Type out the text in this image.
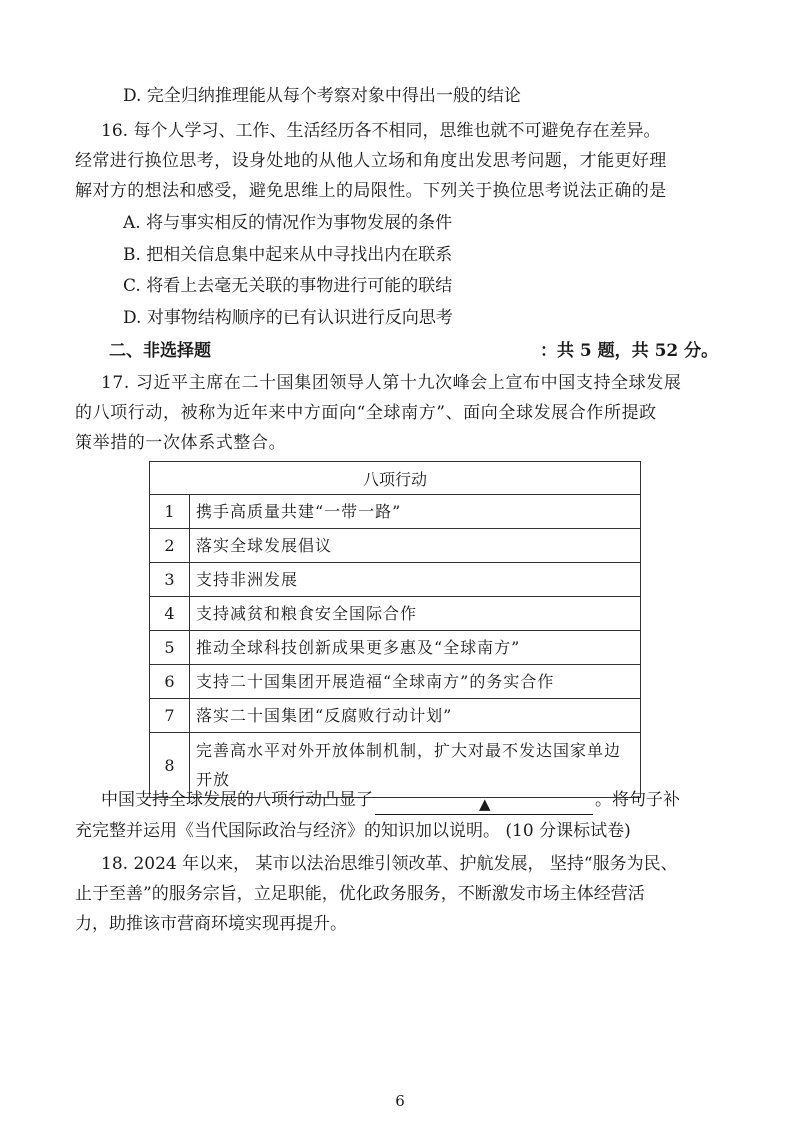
D. 完全归纳推理能从每个考察对象中得出一般的结论
16. 每个人学习、工作、生活经历各不相同，思维也就不可避免存在差异。
经常进行换位思考，设身处地的从他人立场和角度出发思考问题，才能更好理
解对方的想法和感受，避免思维上的局限性。下列关于换位思考说法正确的是
A. 将与事实相反的情况作为事物发展的条件
B. 把相关信息集中起来从中寻找出内在联系
C. 将看上去毫无关联的事物进行可能的联结
D. 对事物结构顺序的已有认识进行反向思考
二、非选择题	：共 5 题，共 52 分。
17. 习近平主席在二十国集团领导人第十九次峰会上宣布中国支持全球发展
的八项行动，被称为近年来中方面向“全球南方”、面向全球发展合作所提政
策举措的一次体系式整合。
八项行动	
1	携手高质量共建“一带一路”
2	落实全球发展倡议
3	支持非洲发展
4	支持减贫和粮食安全国际合作
5	推动全球科技创新成果更多惠及“全球南方”
6	支持二十国集团开展造福“全球南方”的务实合作
7	落实二十国集团“反腐败行动计划”
8	完善高水平对外开放体制机制，扩大对最不发达国家单边开放
中国支持全球发展的八项行动凸显了	▲	。将句子补
充完整并运用《当代国际政治与经济》的知识加以说明。 (10 分课标试卷)
18. 2024 年以来， 某市以法治思维引领改革、护航发展， 坚持“服务为民、
止于至善”的服务宗旨，立足职能，优化政务服务，不断激发市场主体经营活
力，助推该市营商环境实现再提升。
6
